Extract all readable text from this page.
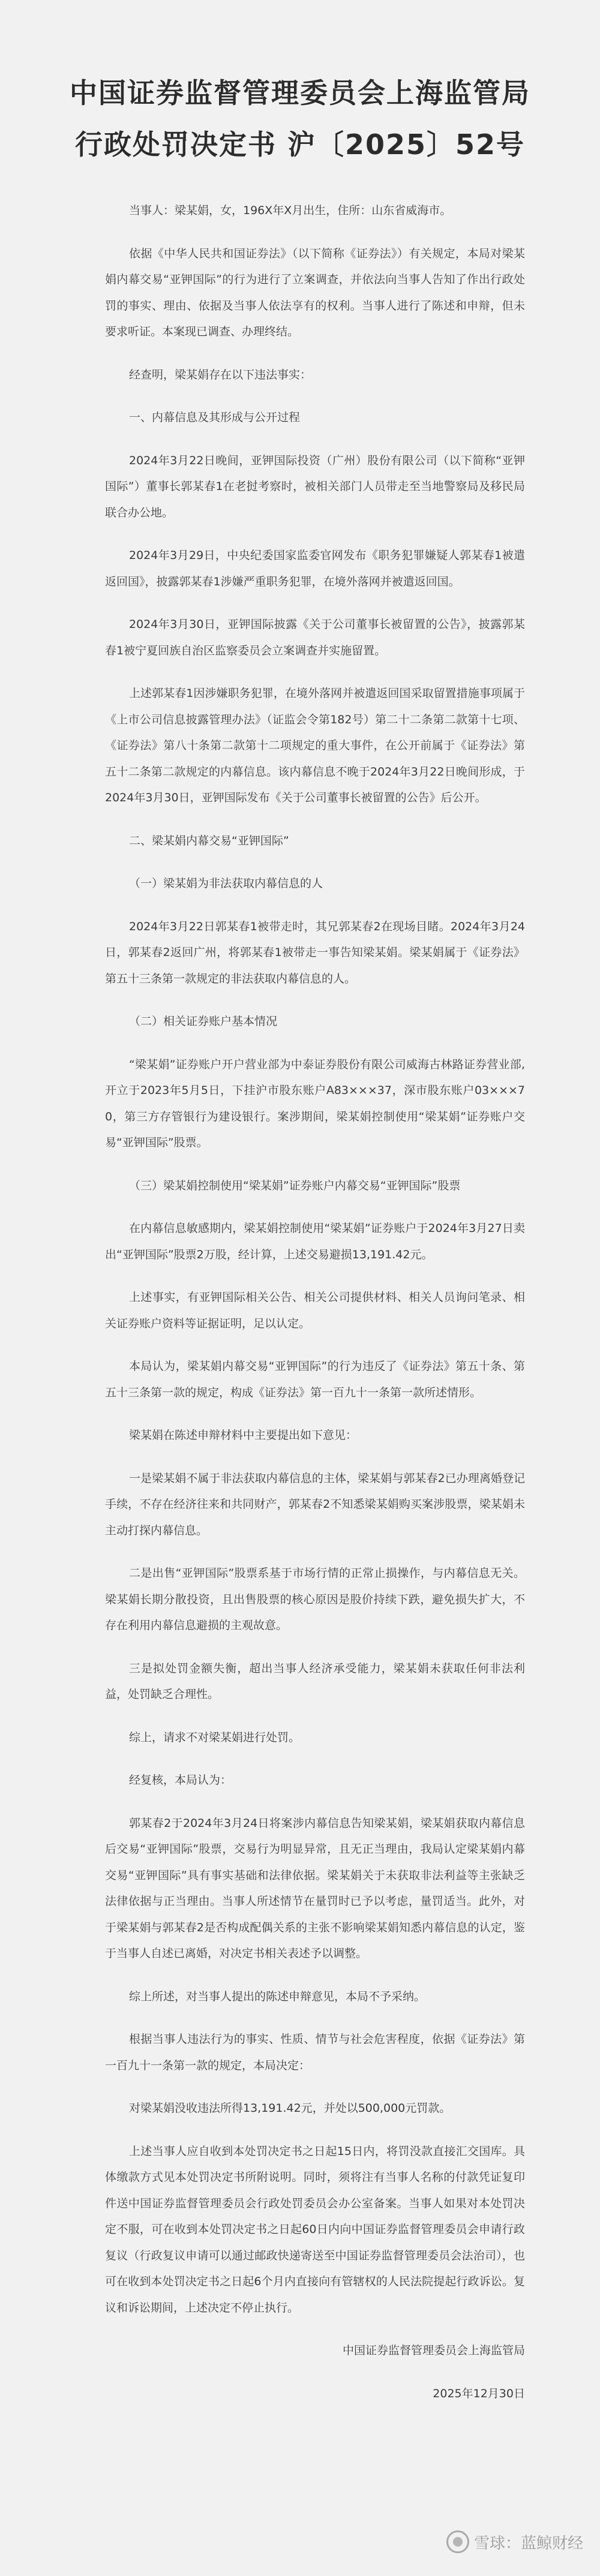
中国证券监督管理委员会上海监管局
行政处罚决定书 沪〔2025〕52号

当事人：梁某娟，女，196X年X月出生，住所：山东省威海市。

依据《中华人民共和国证券法》（以下简称《证券法》）有关规定，本局对梁某娟内幕交易“亚钾国际”的行为进行了立案调查，并依法向当事人告知了作出行政处罚的事实、理由、依据及当事人依法享有的权利。当事人进行了陈述和申辩，但未要求听证。本案现已调查、办理终结。

经查明，梁某娟存在以下违法事实：

一、内幕信息及其形成与公开过程

2024年3月22日晚间，亚钾国际投资（广州）股份有限公司（以下简称“亚钾国际”）董事长郭某春1在老挝考察时，被相关部门人员带走至当地警察局及移民局联合办公地。

2024年3月29日，中央纪委国家监委官网发布《职务犯罪嫌疑人郭某春1被遣返回国》，披露郭某春1涉嫌严重职务犯罪，在境外落网并被遣返回国。

2024年3月30日，亚钾国际披露《关于公司董事长被留置的公告》，披露郭某春1被宁夏回族自治区监察委员会立案调查并实施留置。

上述郭某春1因涉嫌职务犯罪，在境外落网并被遣返回国采取留置措施事项属于《上市公司信息披露管理办法》（证监会令第182号）第二十二条第二款第十七项、《证券法》第八十条第二款第十二项规定的重大事件，在公开前属于《证券法》第五十二条第二款规定的内幕信息。该内幕信息不晚于2024年3月22日晚间形成，于2024年3月30日，亚钾国际发布《关于公司董事长被留置的公告》后公开。

二、梁某娟内幕交易“亚钾国际”

（一）梁某娟为非法获取内幕信息的人

2024年3月22日郭某春1被带走时，其兄郭某春2在现场目睹。2024年3月24日，郭某春2返回广州，将郭某春1被带走一事告知梁某娟。梁某娟属于《证券法》第五十三条第一款规定的非法获取内幕信息的人。

（二）相关证券账户基本情况

“梁某娟”证券账户开户营业部为中泰证券股份有限公司威海古林路证券营业部,开立于2023年5月5日，下挂沪市股东账户A83×××37，深市股东账户03×××70，第三方存管银行为建设银行。案涉期间，梁某娟控制使用“梁某娟”证券账户交易“亚钾国际”股票。

（三）梁某娟控制使用“梁某娟”证券账户内幕交易“亚钾国际”股票

在内幕信息敏感期内，梁某娟控制使用“梁某娟”证券账户于2024年3月27日卖出“亚钾国际”股票2万股，经计算，上述交易避损13,191.42元。

上述事实，有亚钾国际相关公告、相关公司提供材料、相关人员询问笔录、相关证券账户资料等证据证明，足以认定。

本局认为，梁某娟内幕交易“亚钾国际”的行为违反了《证券法》第五十条、第五十三条第一款的规定，构成《证券法》第一百九十一条第一款所述情形。

梁某娟在陈述申辩材料中主要提出如下意见：

一是梁某娟不属于非法获取内幕信息的主体，梁某娟与郭某春2已办理离婚登记手续，不存在经济往来和共同财产，郭某春2不知悉梁某娟购买案涉股票，梁某娟未主动打探内幕信息。

二是出售“亚钾国际”股票系基于市场行情的正常止损操作，与内幕信息无关。梁某娟长期分散投资，且出售股票的核心原因是股价持续下跌，避免损失扩大，不存在利用内幕信息避损的主观故意。

三是拟处罚金额失衡，超出当事人经济承受能力，梁某娟未获取任何非法利益，处罚缺乏合理性。

综上，请求不对梁某娟进行处罚。

经复核，本局认为：

郭某春2于2024年3月24日将案涉内幕信息告知梁某娟，梁某娟获取内幕信息后交易“亚钾国际”股票，交易行为明显异常，且无正当理由，我局认定梁某娟内幕交易“亚钾国际”具有事实基础和法律依据。梁某娟关于未获取非法利益等主张缺乏法律依据与正当理由。当事人所述情节在量罚时已予以考虑，量罚适当。此外，对于梁某娟与郭某春2是否构成配偶关系的主张不影响梁某娟知悉内幕信息的认定，鉴于当事人自述已离婚，对决定书相关表述予以调整。

综上所述，对当事人提出的陈述申辩意见，本局不予采纳。

根据当事人违法行为的事实、性质、情节与社会危害程度，依据《证券法》第一百九十一条第一款的规定，本局决定：

对梁某娟没收违法所得13,191.42元，并处以500,000元罚款。

上述当事人应自收到本处罚决定书之日起15日内，将罚没款直接汇交国库。具体缴款方式见本处罚决定书所附说明。同时，须将注有当事人名称的付款凭证复印件送中国证券监督管理委员会行政处罚委员会办公室备案。当事人如果对本处罚决定不服，可在收到本处罚决定书之日起60日内向中国证券监督管理委员会申请行政复议（行政复议申请可以通过邮政快递寄送至中国证券监督管理委员会法治司），也可在收到本处罚决定书之日起6个月内直接向有管辖权的人民法院提起行政诉讼。复议和诉讼期间，上述决定不停止执行。

中国证券监督管理委员会上海监管局

2025年12月30日

雪球：蓝鲸财经
